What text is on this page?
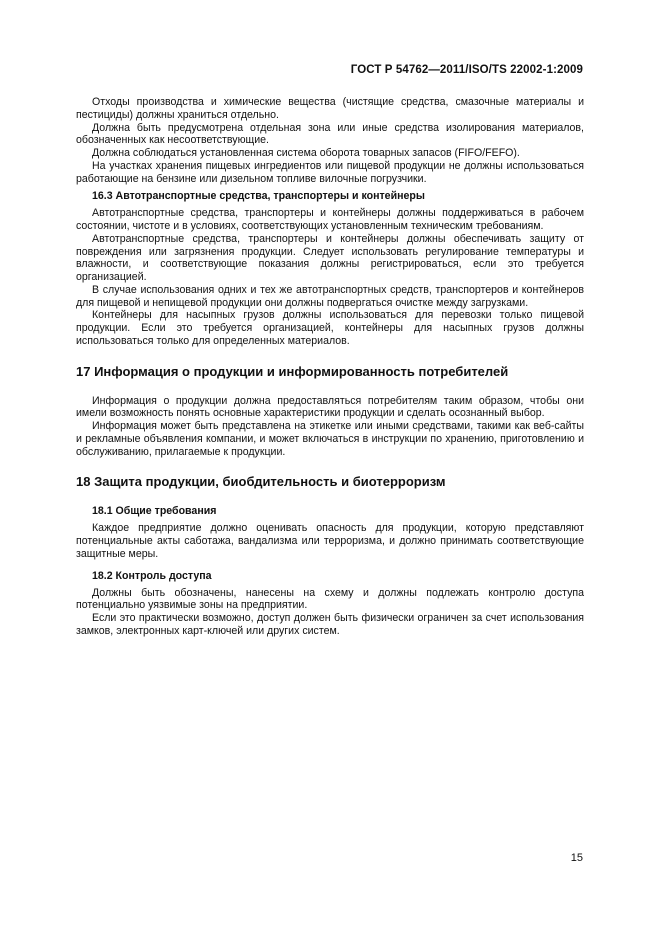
ГОСТ Р 54762—2011/ISO/TS 22002-1:2009

Отходы производства и химические вещества (чистящие средства, смазочные материалы и пестициды) должны храниться отдельно.

Должна быть предусмотрена отдельная зона или иные средства изолирования материалов, обозначенных как несоответствующие.

Должна соблюдаться установленная система оборота товарных запасов (FIFO/FEFO).

На участках хранения пищевых ингредиентов или пищевой продукции не должны использоваться работающие на бензине или дизельном топливе вилочные погрузчики.

16.3 Автотранспортные средства, транспортеры и контейнеры

Автотранспортные средства, транспортеры и контейнеры должны поддерживаться в рабочем состоянии, чистоте и в условиях, соответствующих установленным техническим требованиям.

Автотранспортные средства, транспортеры и контейнеры должны обеспечивать защиту от повреждения или загрязнения продукции. Следует использовать регулирование температуры и влажности, и соответствующие показания должны регистрироваться, если это требуется организацией.

В случае использования одних и тех же автотранспортных средств, транспортеров и контейнеров для пищевой и непищевой продукции они должны подвергаться очистке между загрузками.

Контейнеры для насыпных грузов должны использоваться для перевозки только пищевой продукции. Если это требуется организацией, контейнеры для насыпных грузов должны использоваться только для определенных материалов.

17 Информация о продукции и информированность потребителей

Информация о продукции должна предоставляться потребителям таким образом, чтобы они имели возможность понять основные характеристики продукции и сделать осознанный выбор.

Информация может быть представлена на этикетке или иными средствами, такими как веб-сайты и рекламные объявления компании, и может включаться в инструкции по хранению, приготовлению и обслуживанию, прилагаемые к продукции.

18 Защита продукции, биобдительность и биотерроризм
18.1 Общие требования

Каждое предприятие должно оценивать опасность для продукции, которую представляют потенциальные акты саботажа, вандализма или терроризма, и должно принимать соответствующие защитные меры.

18.2 Контроль доступа

Должны быть обозначены, нанесены на схему и должны подлежать контролю доступа потенциально уязвимые зоны на предприятии.

Если это практически возможно, доступ должен быть физически ограничен за счет использования замков, электронных карт-ключей или других систем.

15
